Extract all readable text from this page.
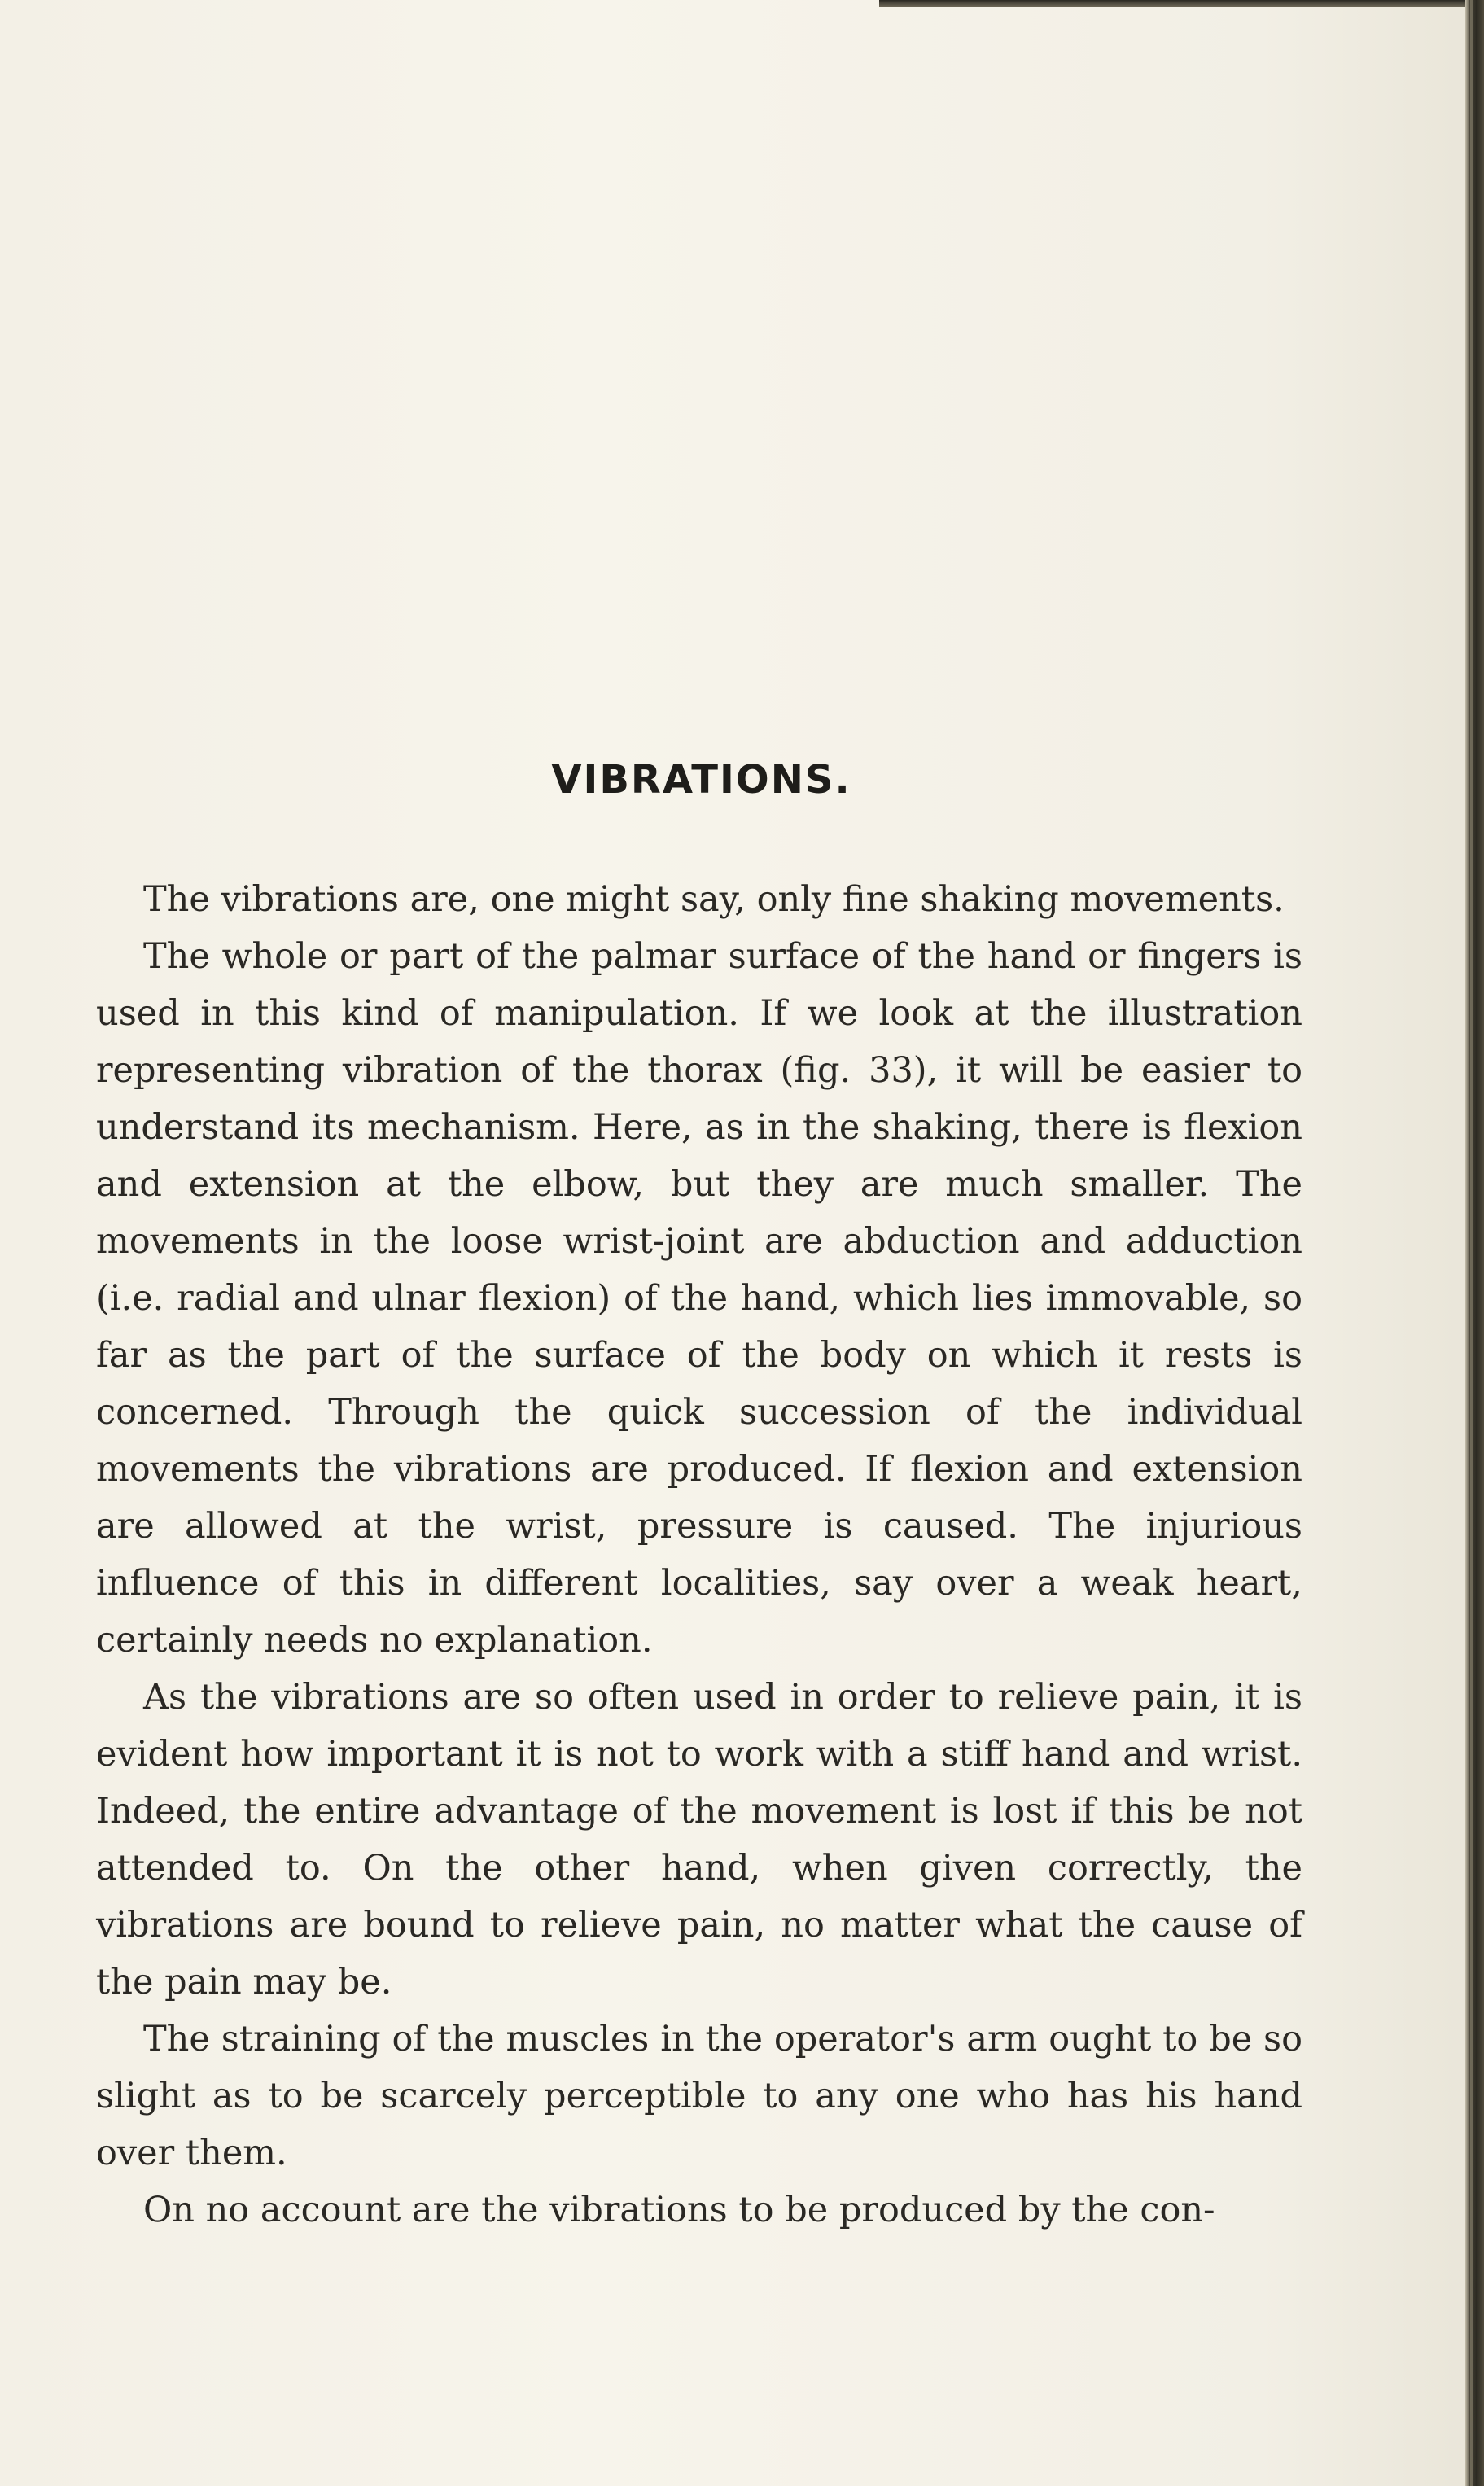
VIBRATIONS.

The vibrations are, one might say, only fine shaking movements.

The whole or part of the palmar surface of the hand or fingers is used in this kind of manipulation. If we look at the illustration representing vibration of the thorax (fig. 33), it will be easier to understand its mechanism. Here, as in the shaking, there is flexion and extension at the elbow, but they are much smaller. The movements in the loose wrist-joint are abduction and adduction (i.e. radial and ulnar flexion) of the hand, which lies immovable, so far as the part of the surface of the body on which it rests is concerned. Through the quick succession of the individual movements the vibrations are produced. If flexion and extension are allowed at the wrist, pressure is caused. The injurious influence of this in different localities, say over a weak heart, certainly needs no explanation.

As the vibrations are so often used in order to relieve pain, it is evident how important it is not to work with a stiff hand and wrist. Indeed, the entire advantage of the movement is lost if this be not attended to. On the other hand, when given correctly, the vibrations are bound to relieve pain, no matter what the cause of the pain may be.

The straining of the muscles in the operator's arm ought to be so slight as to be scarcely perceptible to any one who has his hand over them.

On no account are the vibrations to be produced by the con-
